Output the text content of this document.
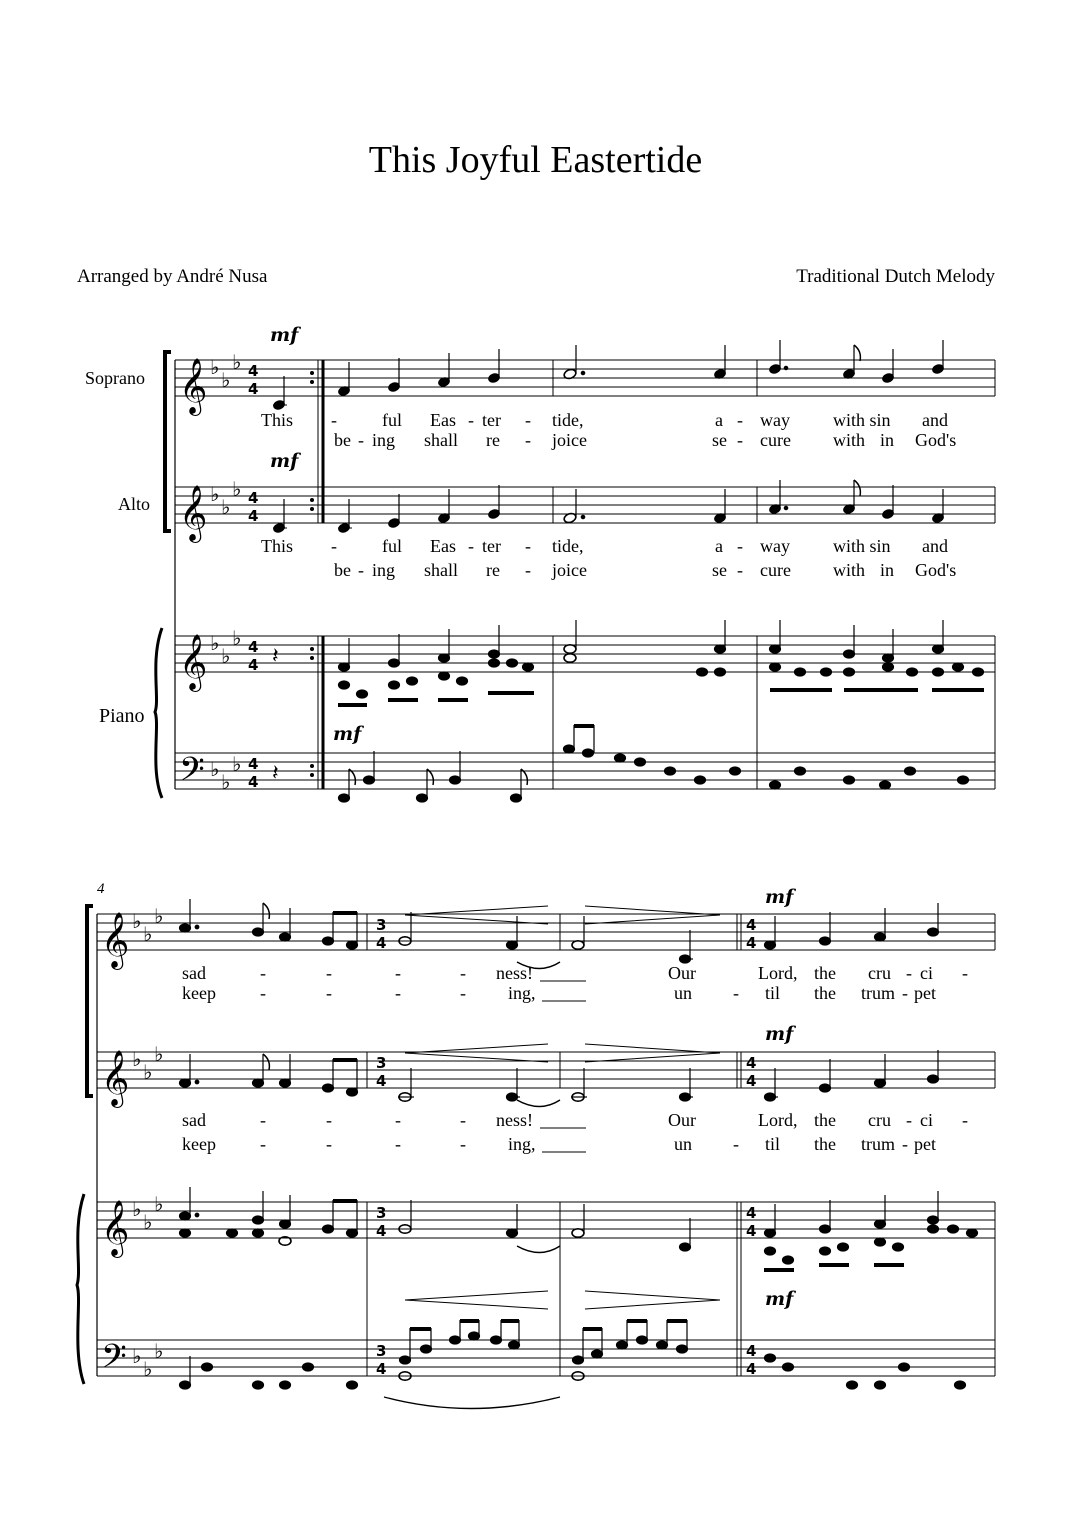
This Joyful Eastertide
Arranged by André Nusa	Traditional Dutch Melody
𝄞
𝄞
𝄞
𝄢
♭
♭
♭
♭
♭
♭
♭
♭
♭
♭
♭
♭
4
4
4
4
4
4
4
4
𝄽
𝄽
𝄞
𝄞
𝄞
𝄢
♭
♭
♭
♭
♭
♭
♭
♭
♭
♭
♭
♭
3
4
3
4
3
4
3
4
4
4
4
4
4
4
4
4
Soprano
Alto
Piano
mf
mf
mf
mf
mf
mf
4
This -	ful Eas - ter - tide,	a - way with sin and
be - ing shall re - joice	se - cure with in God's
This -	ful Eas - ter - tide,	a - way with sin and
be - ing shall re - joice	se - cure with in God's
sad	-	-	-	- ness!	Our	Lord, the cru - ci -
keep -	-	-	- ing,	un - til the trum - pet
sad	-	-	-	- ness!	Our	Lord, the cru - ci -
keep -	-	-	- ing,	un - til the trum - pet
